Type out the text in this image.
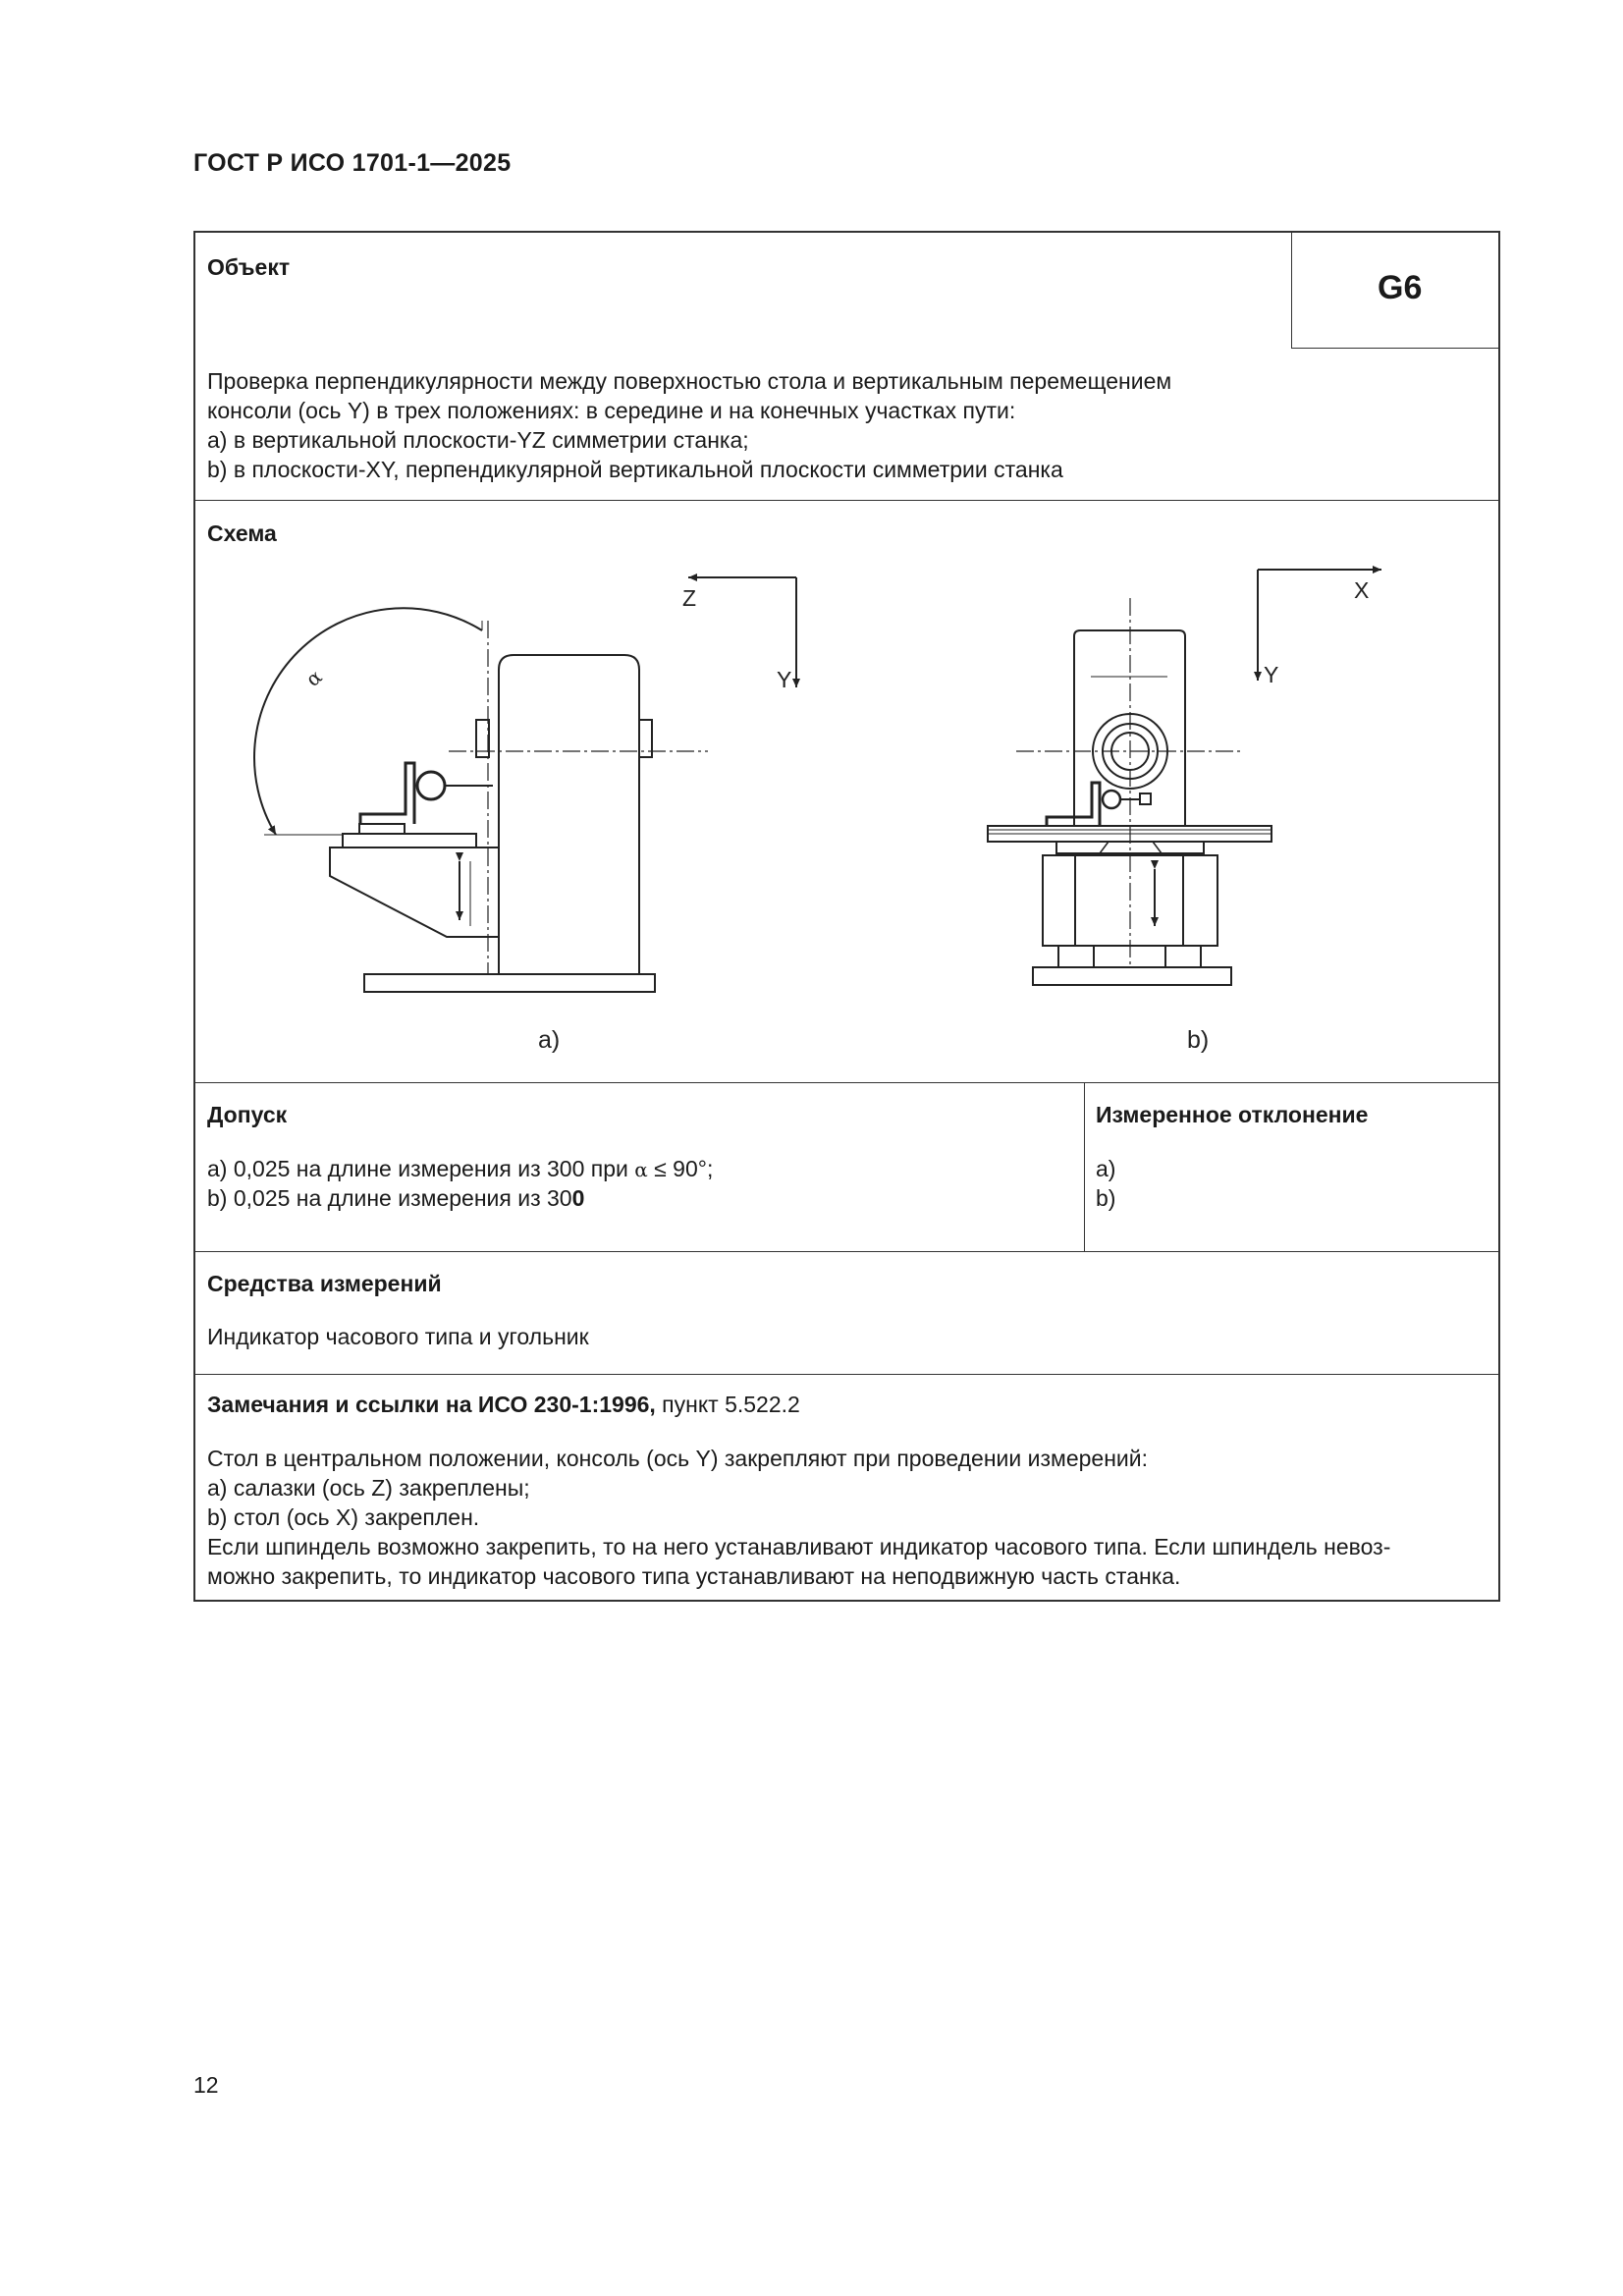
ГОСТ Р ИСО 1701-1—2025
Объект
G6
Проверка перпендикулярности между поверхностью стола и вертикальным перемещением
консоли (ось Y) в трех положениях: в середине и на конечных участках пути:
a) в вертикальной плоскости-YZ симметрии станка;
b) в плоскости-XY, перпендикулярной вертикальной плоскости симметрии станка
Схема
Z
Y
α
a)
X
Y
b)
Допуск
a) 0,025 на длине измерения из 300 при α ≤ 90°;
b) 0,025 на длине измерения из 300
Измеренное отклонение
a)
b)
Средства измерений
Индикатор часового типа и угольник
Замечания и ссылки на ИСО 230-1:1996, пункт 5.522.2
Стол в центральном положении, консоль (ось Y) закрепляют при проведении измерений:
a) салазки (ось Z) закреплены;
b) стол (ось X) закреплен.
Если шпиндель возможно закрепить, то на него устанавливают индикатор часового типа. Если шпиндель невоз-
можно закрепить, то индикатор часового типа устанавливают на неподвижную часть станка.
12
